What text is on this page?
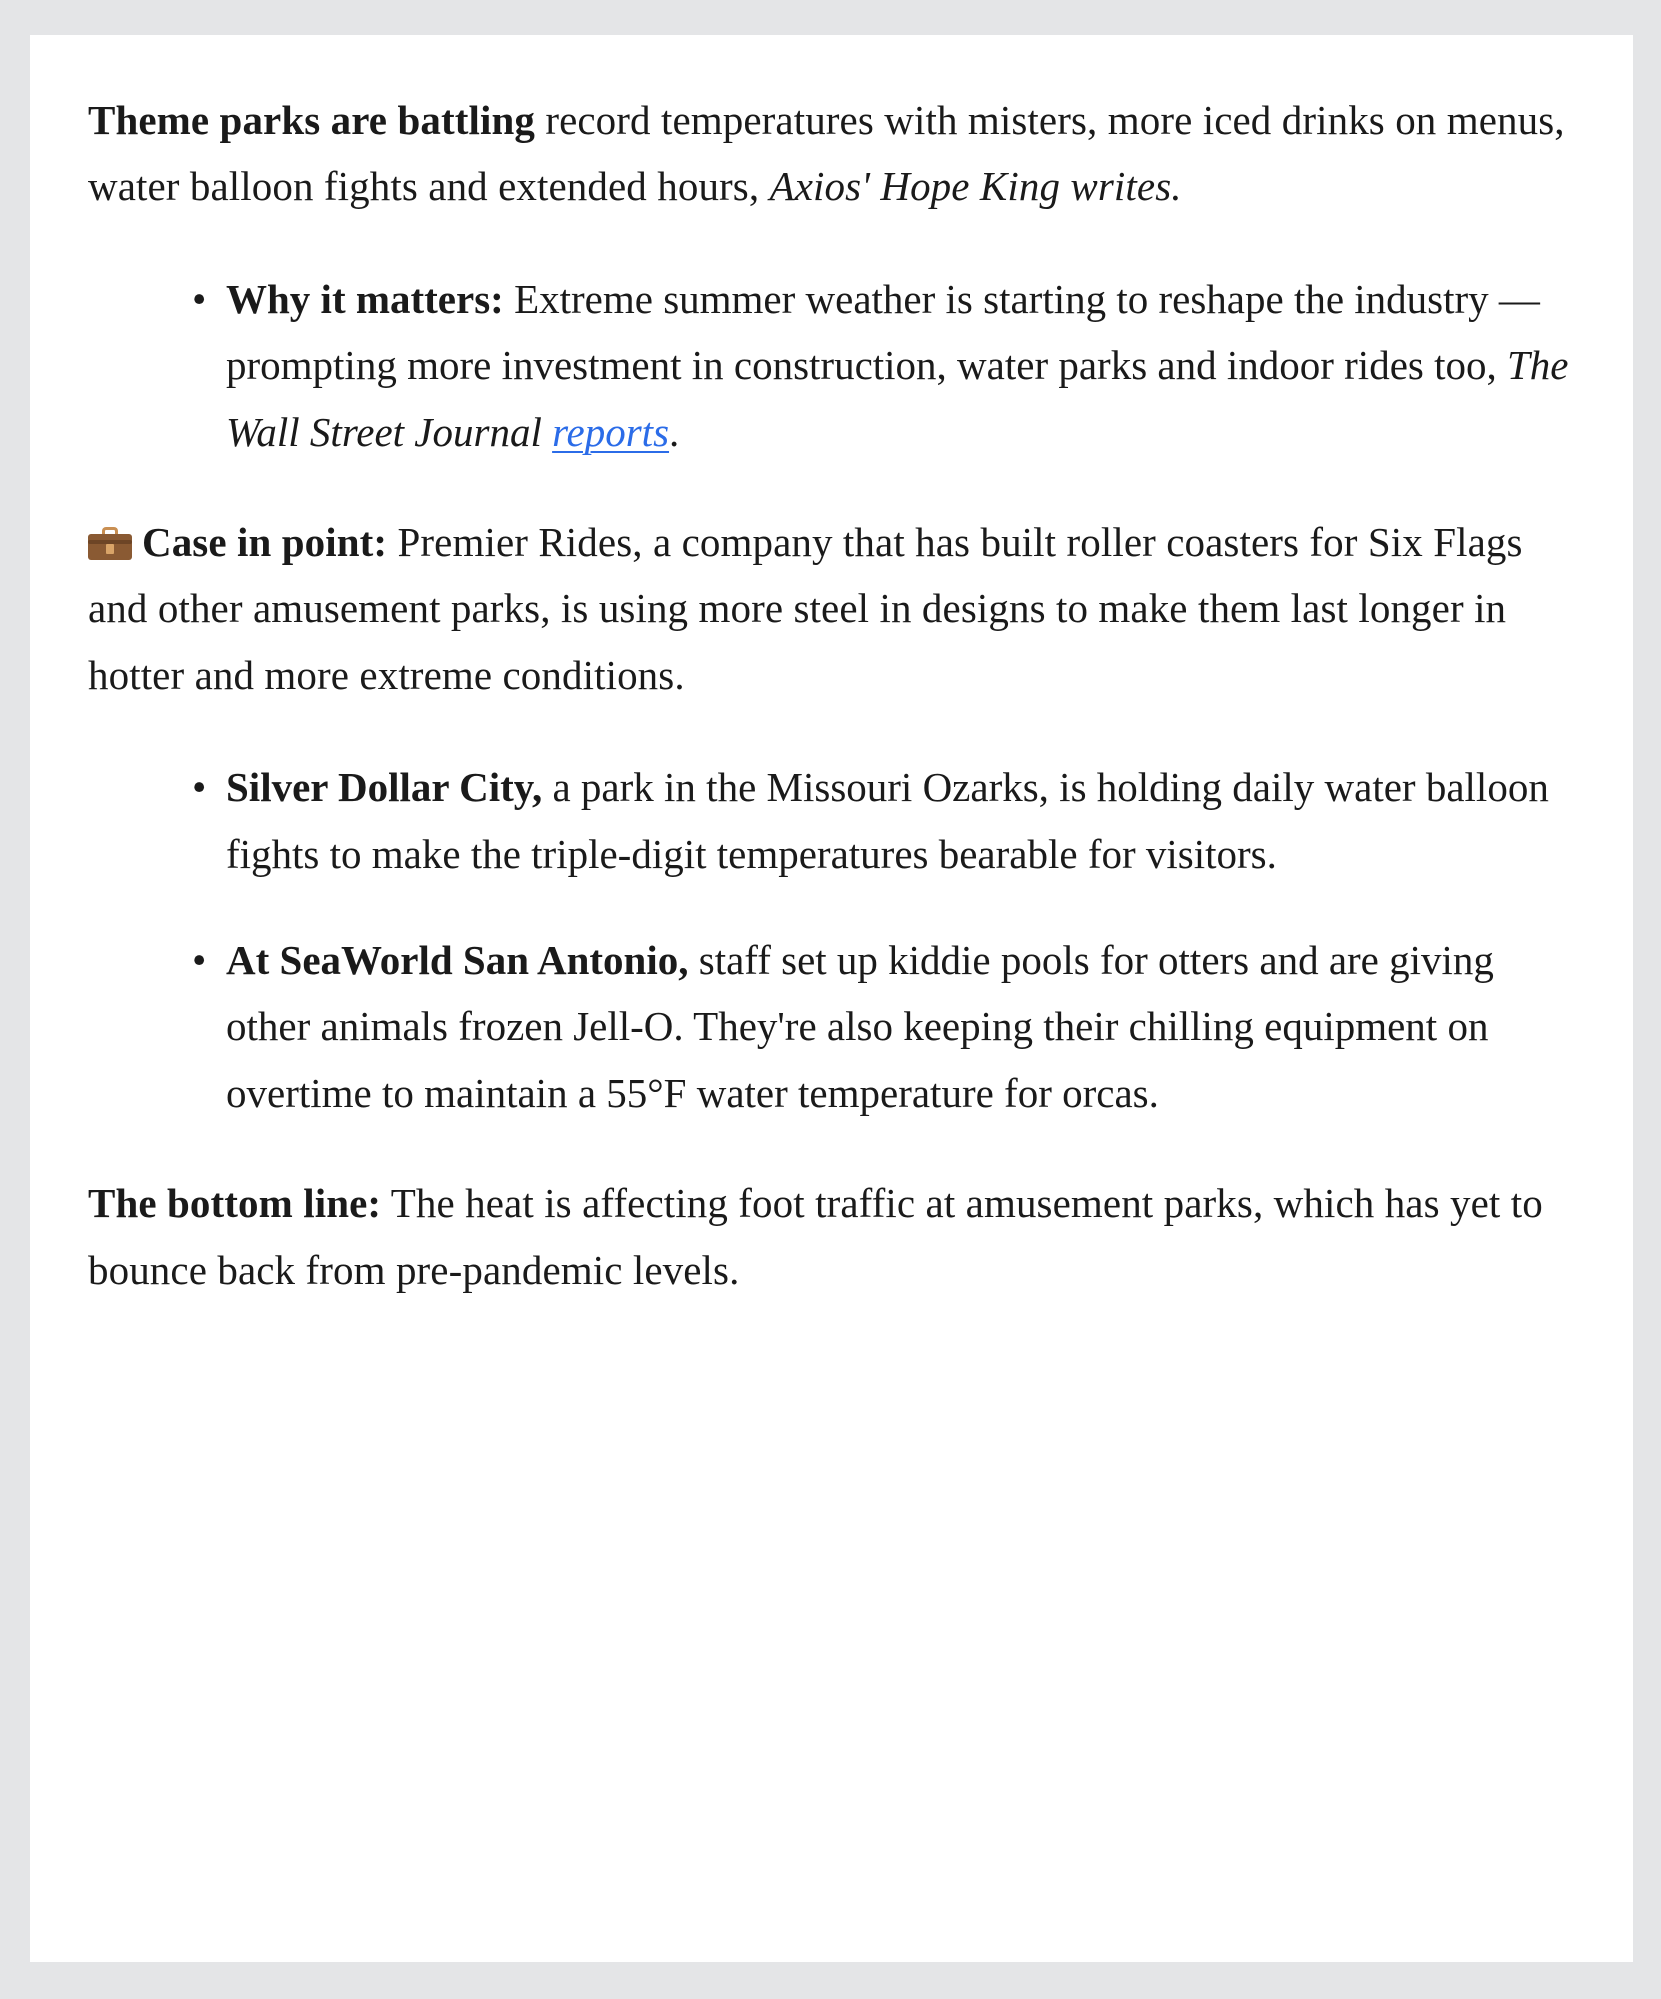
Theme parks are battling record temperatures with misters, more iced drinks on menus, water balloon fights and extended hours, Axios' Hope King writes.

• Why it matters: Extreme summer weather is starting to reshape the industry — prompting more investment in construction, water parks and indoor rides too, The Wall Street Journal reports.

Case in point: Premier Rides, a company that has built roller coasters for Six Flags and other amusement parks, is using more steel in designs to make them last longer in hotter and more extreme conditions.

• Silver Dollar City, a park in the Missouri Ozarks, is holding daily water balloon fights to make the triple-digit temperatures bearable for visitors.
• At SeaWorld San Antonio, staff set up kiddie pools for otters and are giving other animals frozen Jell-O. They're also keeping their chilling equipment on overtime to maintain a 55°F water temperature for orcas.

The bottom line: The heat is affecting foot traffic at amusement parks, which has yet to bounce back from pre-pandemic levels.
